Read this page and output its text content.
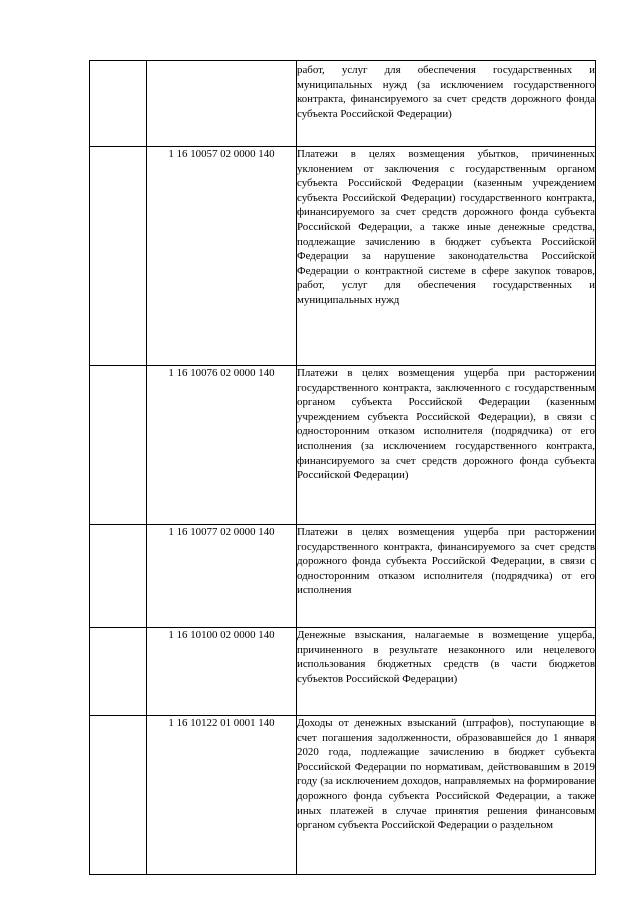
		работ, услуг для обеспечения государственных и муниципальных нужд (за исключением государственного контракта, финансируемого за счет средств дорожного фонда субъекта Российской Федерации)
	1 16 10057 02 0000 140	Платежи в целях возмещения убытков, причиненных уклонением от заключения с государственным органом субъекта Российской Федерации (казенным учреждением субъекта Российской Федерации) государственного контракта, финансируемого за счет средств дорожного фонда субъекта Российской Федерации, а также иные денежные средства, подлежащие зачислению в бюджет субъекта Российской Федерации за нарушение законодательства Российской Федерации о контрактной системе в сфере закупок товаров, работ, услуг для обеспечения государственных и муниципальных нужд
	1 16 10076 02 0000 140	Платежи в целях возмещения ущерба при расторжении государственного контракта, заключенного с государственным органом субъекта Российской Федерации (казенным учреждением субъекта Российской Федерации), в связи с односторонним отказом исполнителя (подрядчика) от его исполнения (за исключением государственного контракта, финансируемого за счет средств дорожного фонда субъекта Российской Федерации)
	1 16 10077 02 0000 140	Платежи в целях возмещения ущерба при расторжении государственного контракта, финансируемого за счет средств дорожного фонда субъекта Российской Федерации, в связи с односторонним отказом исполнителя (подрядчика) от его исполнения
	1 16 10100 02 0000 140	Денежные взыскания, налагаемые в возмещение ущерба, причиненного в результате незаконного или нецелевого использования бюджетных средств (в части бюджетов субъектов Российской Федерации)
	1 16 10122 01 0001 140	Доходы от денежных взысканий (штрафов), поступающие в счет погашения задолженности, образовавшейся до 1 января 2020 года, подлежащие зачислению в бюджет субъекта Российской Федерации по нормативам, действовавшим в 2019 году (за исключением доходов, направляемых на формирование дорожного фонда субъекта Российской Федерации, а также иных платежей в случае принятия решения финансовым органом субъекта Российской Федерации о раздельном
